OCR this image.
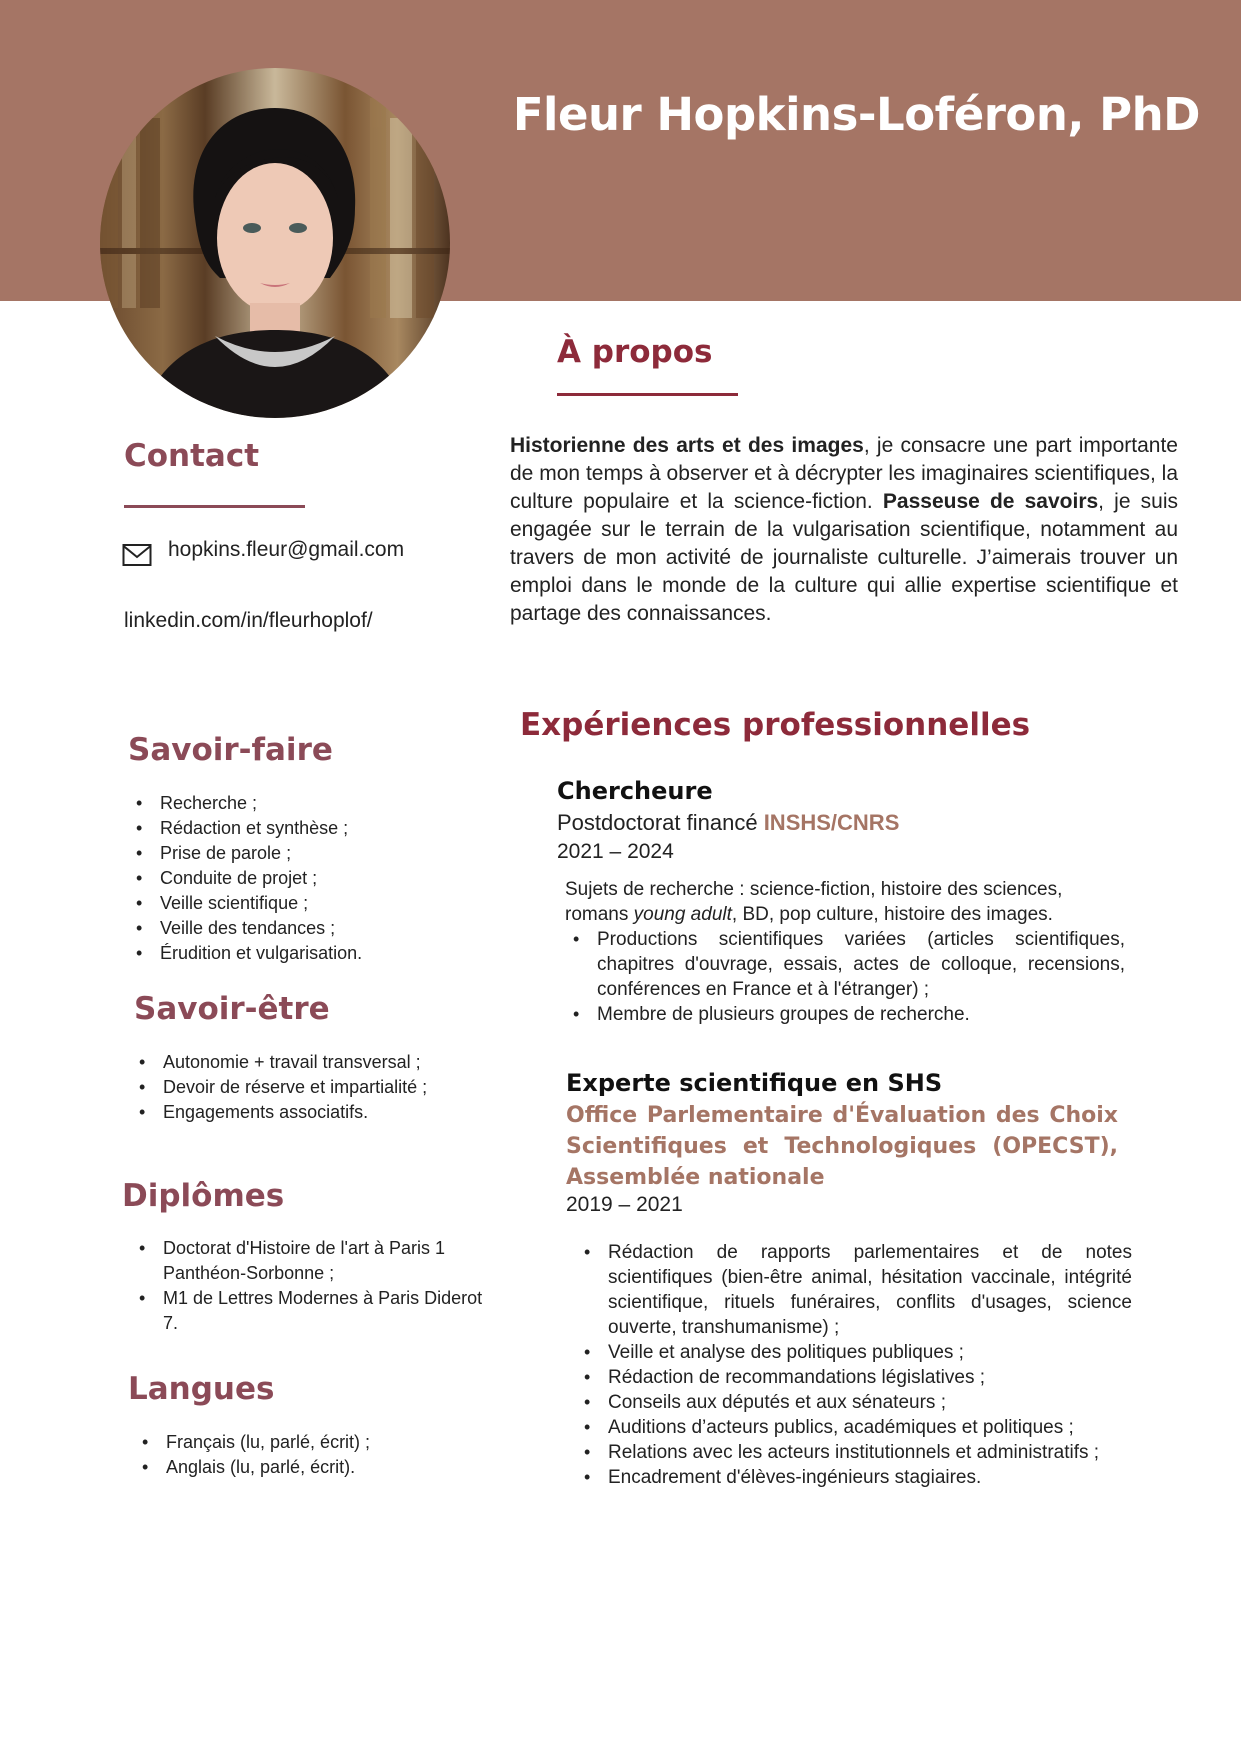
Fleur Hopkins-Loféron, PhD
À propos

Historienne des arts et des images, je consacre une part importante de mon temps à observer et à décrypter les imaginaires scientifiques, la culture populaire et la science-fiction. Passeuse de savoirs, je suis engagée sur le terrain de la vulgarisation scientifique, notamment au travers de mon activité de journaliste culturelle. J’aimerais trouver un emploi dans le monde de la culture qui allie expertise scientifique et partage des connaissances.

Contact
hopkins.fleur@gmail.com
linkedin.com/in/fleurhoplof/
Savoir-faire
• Recherche ;
• Rédaction et synthèse ;
• Prise de parole ;
• Conduite de projet ;
• Veille scientifique ;
• Veille des tendances ;
• Érudition et vulgarisation.
Savoir-être
• Autonomie + travail transversal ;
• Devoir de réserve et impartialité ;
• Engagements associatifs.
Diplômes
• Doctorat d'Histoire de l'art à Paris 1 Panthéon-Sorbonne ;
• M1 de Lettres Modernes à Paris Diderot 7.
Langues
• Français (lu, parlé, écrit) ;
• Anglais (lu, parlé, écrit).
Expériences professionnelles
Chercheure
Postdoctorat financé INSHS/CNRS
2021 – 2024
Sujets de recherche : science-fiction, histoire des sciences, romans young adult, BD, pop culture, histoire des images.
• Productions scientifiques variées (articles scientifiques, chapitres d'ouvrage, essais, actes de colloque, recensions, conférences en France et à l'étranger) ;
• Membre de plusieurs groupes de recherche.
Experte scientifique en SHS
Office Parlementaire d'Évaluation des Choix Scientifiques et Technologiques (OPECST), Assemblée nationale
2019 – 2021
• Rédaction de rapports parlementaires et de notes scientifiques (bien-être animal, hésitation vaccinale, intégrité scientifique, rituels funéraires, conflits d'usages, science ouverte, transhumanisme) ;
• Veille et analyse des politiques publiques ;
• Rédaction de recommandations législatives ;
• Conseils aux députés et aux sénateurs ;
• Auditions d’acteurs publics, académiques et politiques ;
• Relations avec les acteurs institutionnels et administratifs ;
• Encadrement d'élèves-ingénieurs stagiaires.
